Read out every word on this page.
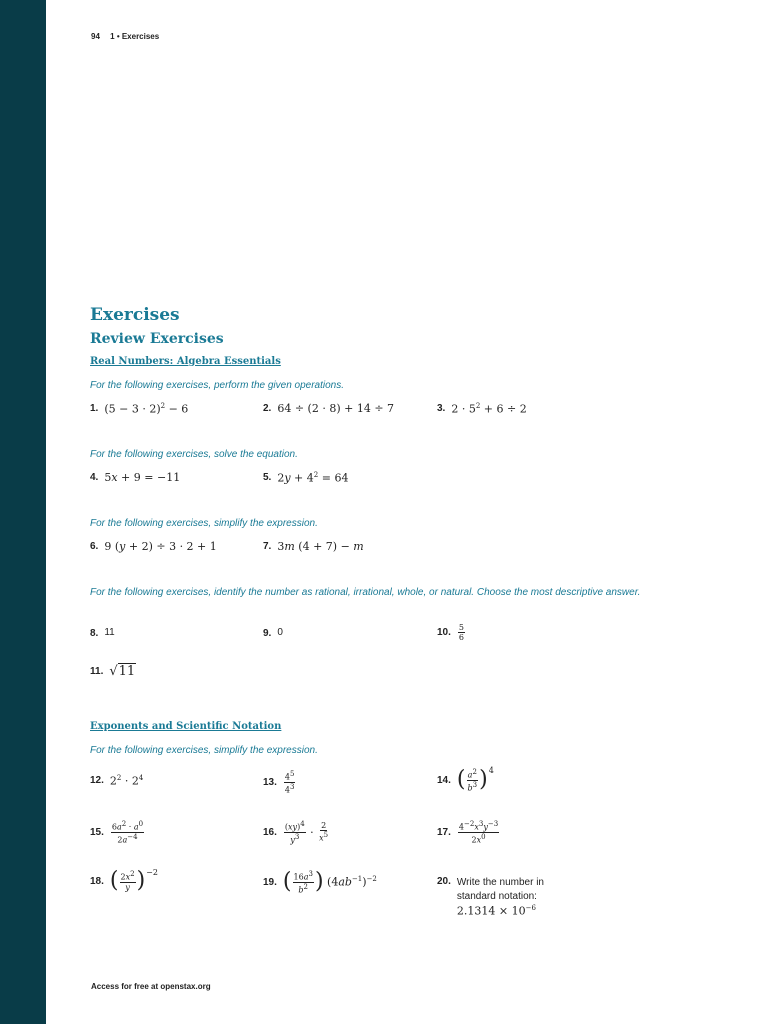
94 1 • Exercises
Exercises
Review Exercises
Real Numbers: Algebra Essentials

For the following exercises, perform the given operations.

1. $(5 - 3 \cdot 2)^2 - 6$	2. 64 ÷ (2 · 8) + 14 ÷ 7	3. $2 \cdot 5^2 + 6 \div 2$

For the following exercises, solve the equation.

4. 5x + 9 = −11	5. $2y + 4^2 = 64$

For the following exercises, simplify the expression.

6. 9 (y + 2) ÷ 3 · 2 + 1	7. 3m (4 + 7) − m

For the following exercises, identify the number as rational, irrational, whole, or natural. Choose the most descriptive answer.

8. 11	9. 0	10. $\frac{5}{6}$
11. √11
Exponents and Scientific Notation

For the following exercises, simplify the expression.

12. $2^2 \cdot 2^4$	13. $\frac{4^5}{4^3}$	14. ( $\frac{a^2}{b^3}$ ) 4
15. $\frac{6a^2 \cdot a^0}{2a^{-4}}$	16. $\frac{(xy)^4}{y^3} \cdot \frac{2}{x^5}$	17. $\frac{4^{-2}x^3y^{-3}}{2x^0}$
18. ( $\frac{2x^2}{y}$ ) −2
19. ( $\frac{16a^3}{b^2}$ ) $(4ab^{-1})^{-2}$	20. Write the number in standard notation:
$2.1314 \times 10^{-6}$
Access for free at openstax.org
